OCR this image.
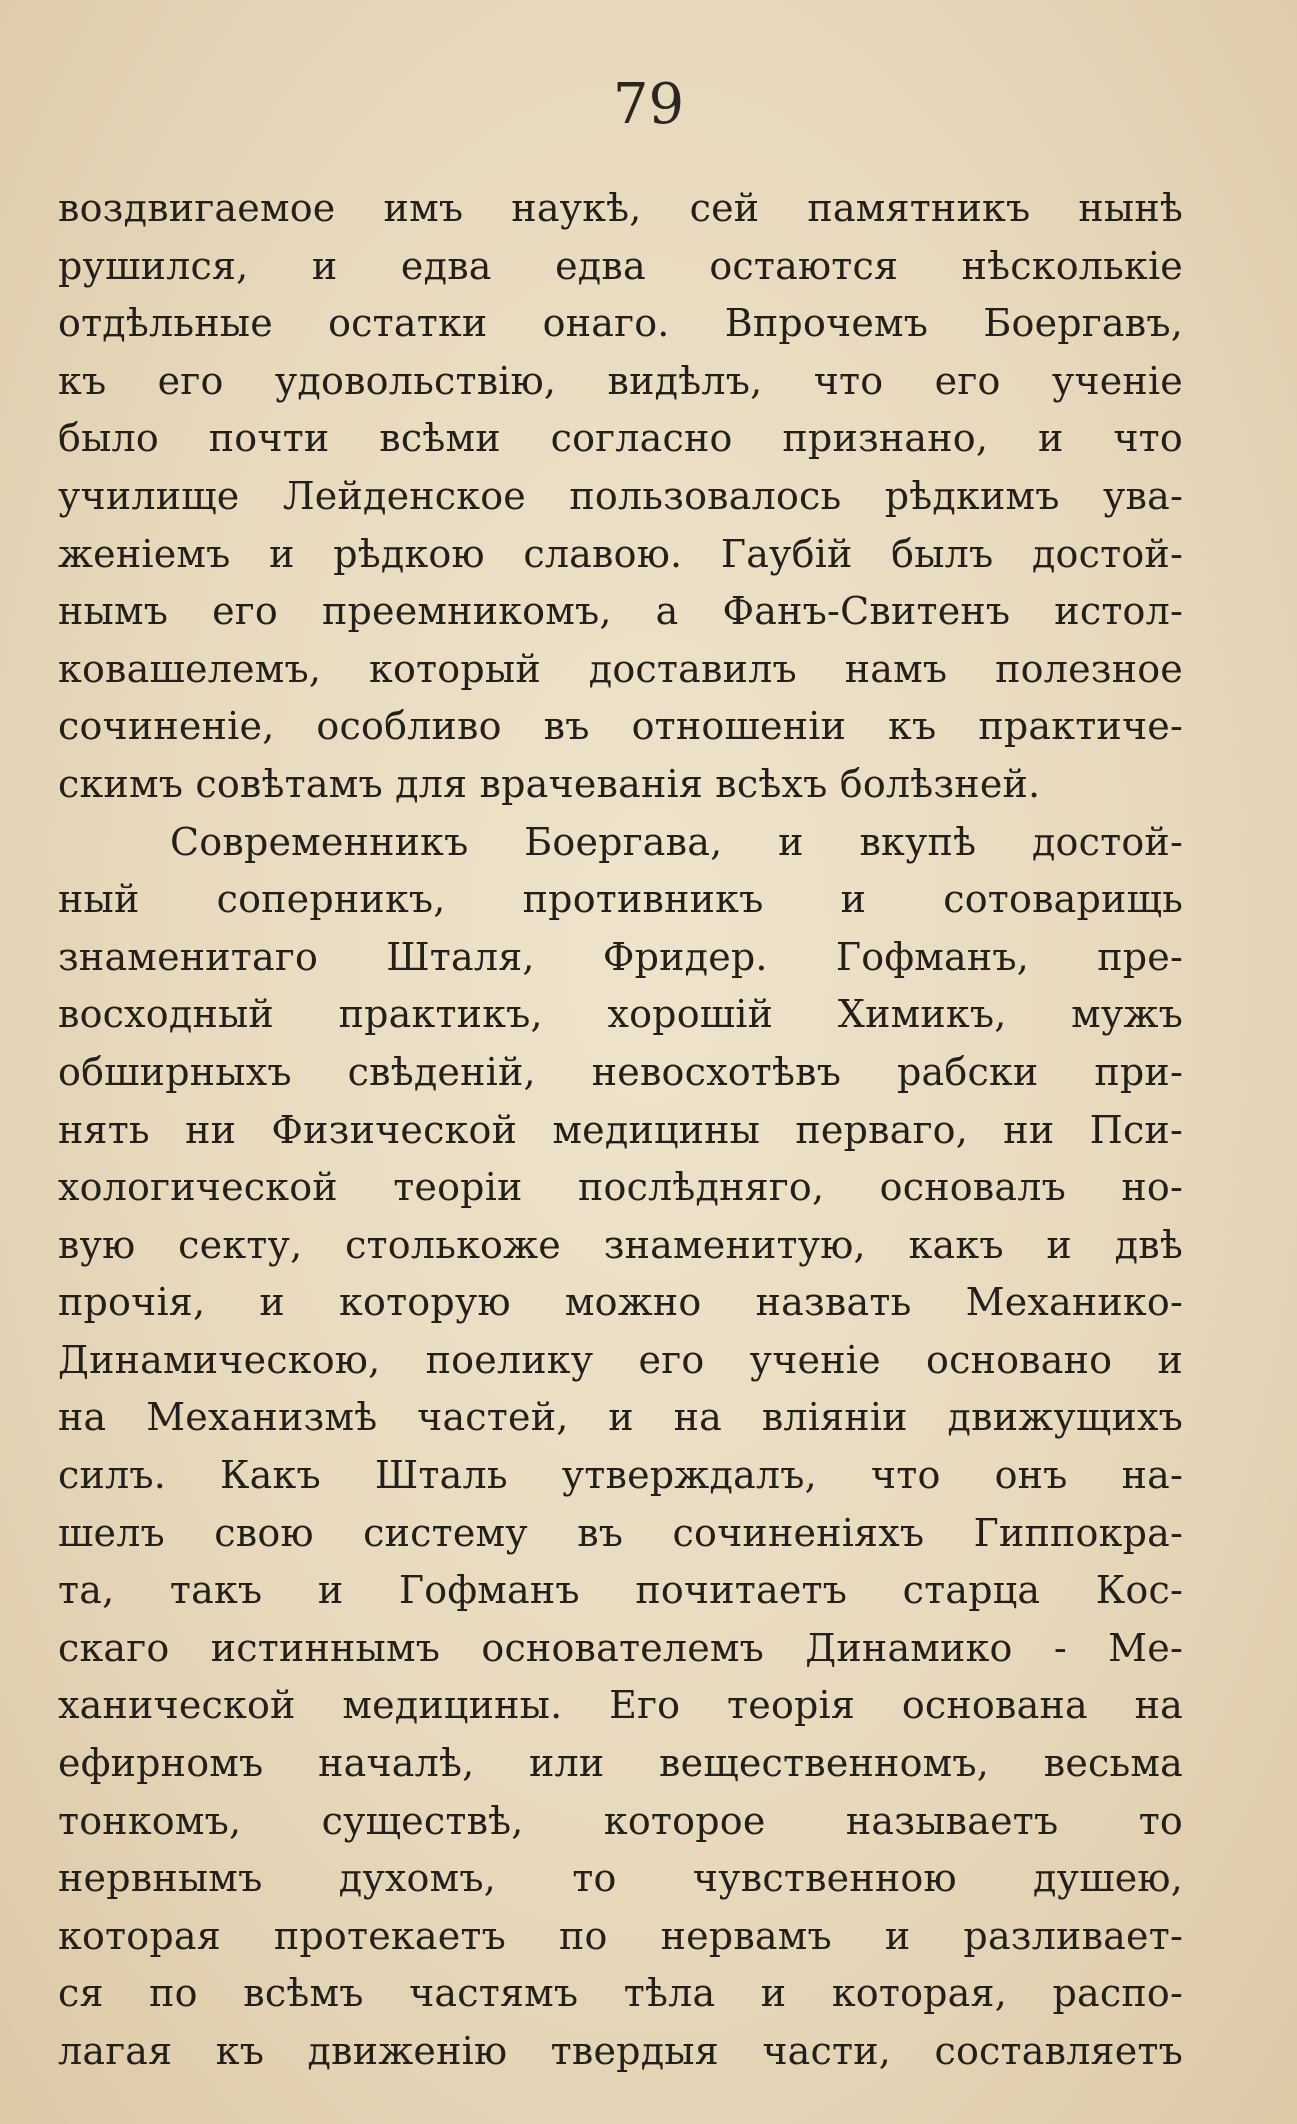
79
воздвигаемое имъ наукѣ, сей памятникъ нынѣ
рушился, и едва едва остаются нѣсколькie
отдѣльные остатки онаго. Впрочемъ Боергавъ,
къ его удовольствiю, видѣлъ, что его ученie
было почти всѣми согласно признано, и что
училище Лейденское пользовалось рѣдкимъ ува-
женiемъ и рѣдкою славою. Гаубiй былъ достой-
нымъ его преемникомъ, а Фанъ-Свитенъ истол-
ковашелемъ, который доставилъ намъ полезное
сочиненie, особливо въ отношенiи къ практиче-
скимъ совѣтамъ для врачеванiя всѣхъ болѣзней.
Современникъ Боергава, и вкупѣ достой-
ный соперникъ, противникъ и сотоварищь
знаменитаго Шталя, Фридер. Гофманъ, пре-
восходный практикъ, хорошiй Химикъ, мужъ
обширныхъ свѣденiй, невосхотѣвъ рабски при-
нять ни Физической медицины перваго, ни Пси-
хологической теорiи послѣдняго, основалъ но-
вую секту, столькоже знаменитую, какъ и двѣ
прочiя, и которую можно назвать Механико-
Динамическою, поелику его ученie основано и
на Механизмѣ частей, и на влiянiи движущихъ
силъ. Какъ Шталь утверждалъ, что онъ на-
шелъ свою систему въ сочиненiяхъ Гиппокра-
та, такъ и Гофманъ почитаетъ старца Кос-
скаго истиннымъ основателемъ Динамико - Ме-
ханической медицины. Его теорiя основана на
ефирномъ началѣ, или вещественномъ, весьма
тонкомъ, существѣ, которое называетъ то
нервнымъ духомъ, то чувственною душею,
которая протекаетъ по нервамъ и разливает-
ся по всѣмъ частямъ тѣла и которая, распо-
лагая къ движенiю твердыя части, составляетъ
